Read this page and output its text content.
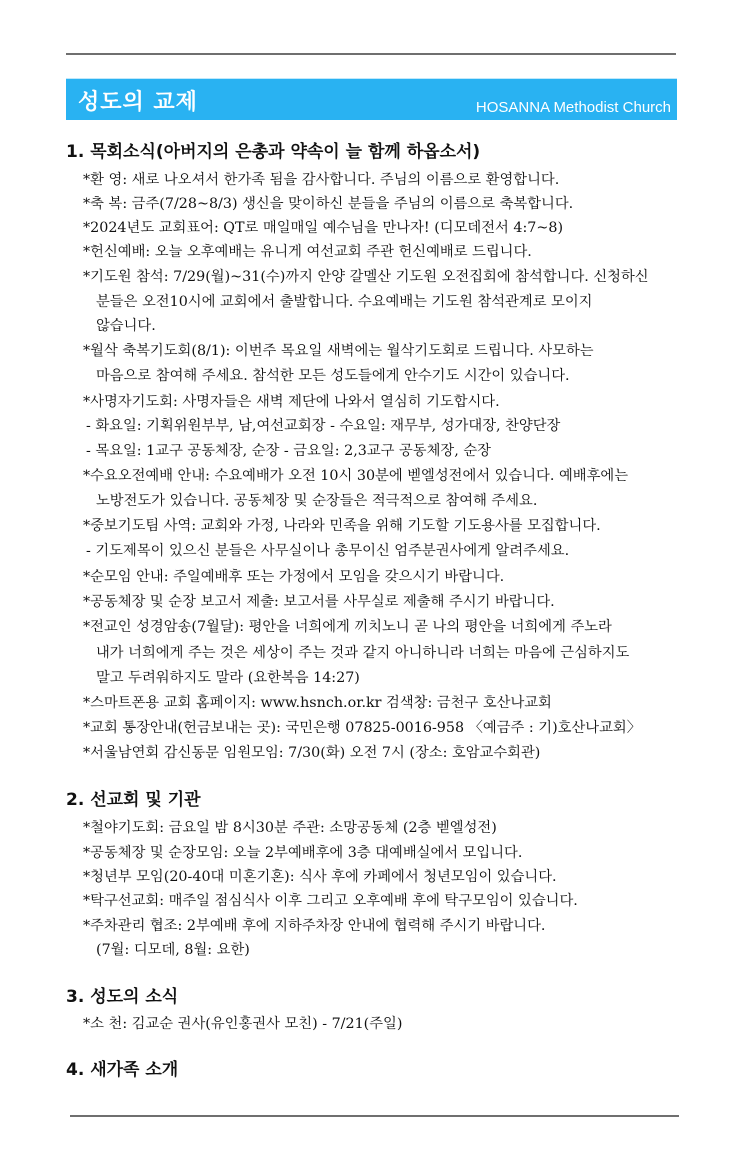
성도의 교제	HOSANNA Methodist Church
1. 목회소식(아버지의 은총과 약속이 늘 함께 하옵소서)
*환 영: 새로 나오셔서 한가족 됨을 감사합니다. 주님의 이름으로 환영합니다.
*축 복: 금주(7/28~8/3) 생신을 맞이하신 분들을 주님의 이름으로 축복합니다.
*2024년도 교회표어: QT로 매일매일 예수님을 만나자! (디모데전서 4:7~8)
*헌신예배: 오늘 오후예배는 유니게 여선교회 주관 헌신예배로 드립니다.
*기도원 참석: 7/29(월)~31(수)까지 안양 갈멜산 기도원 오전집회에 참석합니다. 신청하신
분들은 오전10시에 교회에서 출발합니다. 수요예배는 기도원 참석관계로 모이지
않습니다.
*월삭 축복기도회(8/1): 이번주 목요일 새벽에는 월삭기도회로 드립니다. 사모하는
마음으로 참여해 주세요. 참석한 모든 성도들에게 안수기도 시간이 있습니다.
*사명자기도회: 사명자들은 새벽 제단에 나와서 열심히 기도합시다.
- 화요일: 기획위원부부, 남,여선교회장 - 수요일: 재무부, 성가대장, 찬양단장
- 목요일: 1교구 공동체장, 순장 - 금요일: 2,3교구 공동체장, 순장
*수요오전예배 안내: 수요예배가 오전 10시 30분에 벧엘성전에서 있습니다. 예배후에는
노방전도가 있습니다. 공동체장 및 순장들은 적극적으로 참여해 주세요.
*중보기도팀 사역: 교회와 가정, 나라와 민족을 위해 기도할 기도용사를 모집합니다.
- 기도제목이 있으신 분들은 사무실이나 총무이신 엄주분권사에게 알려주세요.
*순모임 안내: 주일예배후 또는 가정에서 모임을 갖으시기 바랍니다.
*공동체장 및 순장 보고서 제출: 보고서를 사무실로 제출해 주시기 바랍니다.
*전교인 성경암송(7월달): 평안을 너희에게 끼치노니 곧 나의 평안을 너희에게 주노라
내가 너희에게 주는 것은 세상이 주는 것과 같지 아니하니라 너희는 마음에 근심하지도
말고 두려워하지도 말라 (요한복음 14:27)
*스마트폰용 교회 홈페이지: www.hsnch.or.kr 검색창: 금천구 호산나교회
*교회 통장안내(헌금보내는 곳): 국민은행 07825-0016-958 〈예금주 : 기)호산나교회〉
*서울남연회 감신동문 임원모임: 7/30(화) 오전 7시 (장소: 호암교수회관)
2. 선교회 및 기관
*철야기도회: 금요일 밤 8시30분 주관: 소망공동체 (2층 벧엘성전)
*공동체장 및 순장모임: 오늘 2부예배후에 3층 대예배실에서 모입니다.
*청년부 모임(20-40대 미혼기혼): 식사 후에 카페에서 청년모임이 있습니다.
*탁구선교회: 매주일 점심식사 이후 그리고 오후예배 후에 탁구모임이 있습니다.
*주차관리 협조: 2부예배 후에 지하주차장 안내에 협력해 주시기 바랍니다.
(7월: 디모데, 8월: 요한)
3. 성도의 소식
*소 천: 김교순 권사(유인홍권사 모친) - 7/21(주일)
4. 새가족 소개
